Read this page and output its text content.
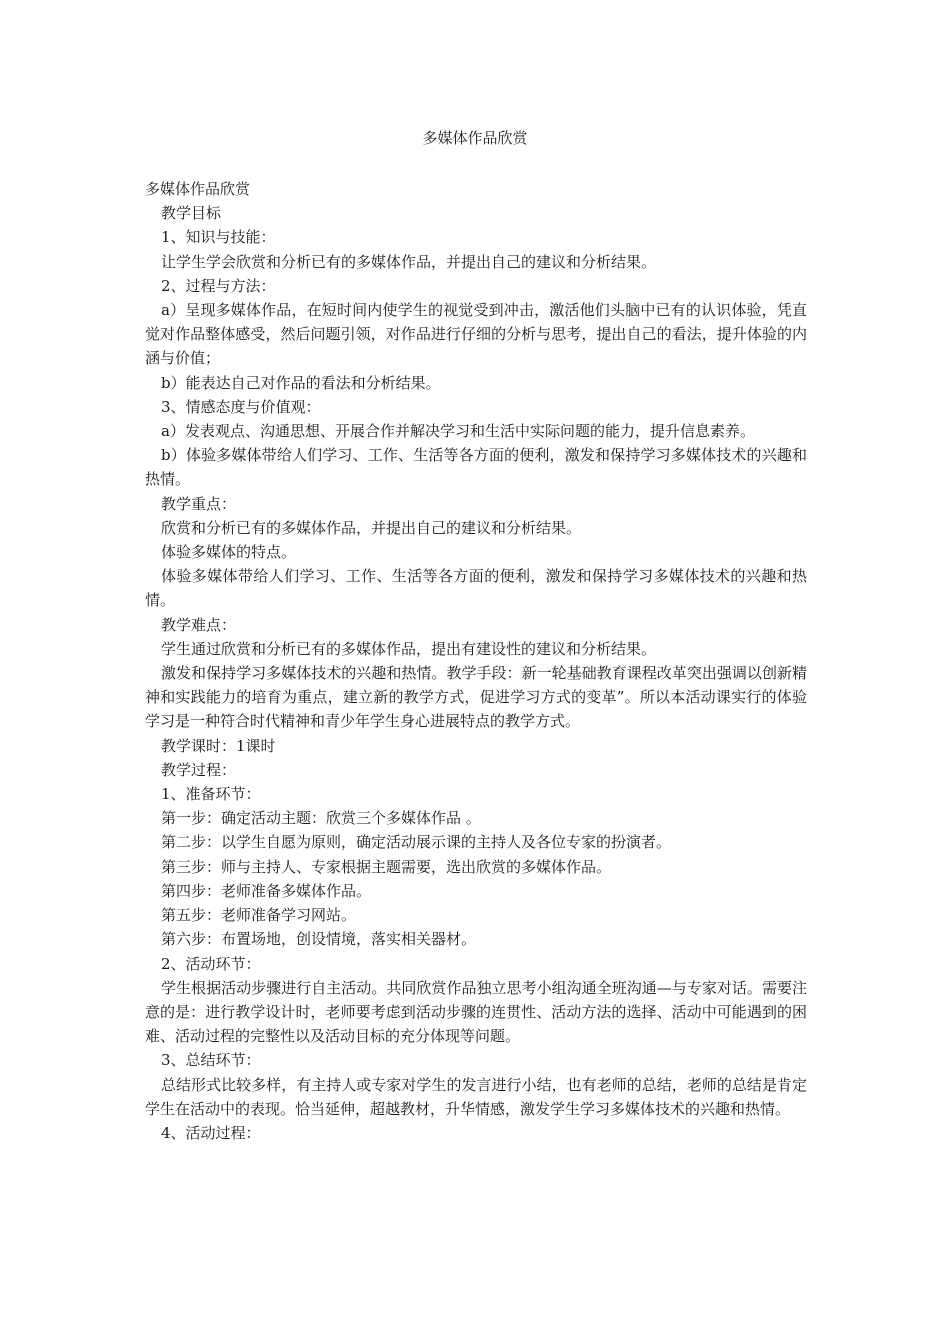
多媒体作品欣赏

多媒体作品欣赏

教学目标

1、知识与技能：

让学生学会欣赏和分析已有的多媒体作品，并提出自己的建议和分析结果。

2、过程与方法：

a）呈现多媒体作品，在短时间内使学生的视觉受到冲击，激活他们头脑中已有的认识体验，凭直觉对作品整体感受，然后问题引领，对作品进行仔细的分析与思考，提出自己的看法，提升体验的内涵与价值；

b）能表达自己对作品的看法和分析结果。

3、情感态度与价值观：

a）发表观点、沟通思想、开展合作并解决学习和生活中实际问题的能力，提升信息素养。

b）体验多媒体带给人们学习、工作、生活等各方面的便利，激发和保持学习多媒体技术的兴趣和热情。

教学重点：

欣赏和分析已有的多媒体作品，并提出自己的建议和分析结果。

体验多媒体的特点。

体验多媒体带给人们学习、工作、生活等各方面的便利，激发和保持学习多媒体技术的兴趣和热情。

教学难点：

学生通过欣赏和分析已有的多媒体作品，提出有建设性的建议和分析结果。

激发和保持学习多媒体技术的兴趣和热情。教学手段：新一轮基础教育课程改革突出强调以创新精神和实践能力的培育为重点，建立新的教学方式，促进学习方式的变革”。所以本活动课实行的体验学习是一种符合时代精神和青少年学生身心进展特点的教学方式。

教学课时：1课时

教学过程：

1、准备环节：

第一步：确定活动主题：欣赏三个多媒体作品 。

第二步：以学生自愿为原则，确定活动展示课的主持人及各位专家的扮演者。

第三步：师与主持人、专家根据主题需要，选出欣赏的多媒体作品。

第四步：老师准备多媒体作品。

第五步：老师准备学习网站。

第六步：布置场地，创设情境，落实相关器材。

2、活动环节：

学生根据活动步骤进行自主活动。共同欣赏作品独立思考小组沟通全班沟通—与专家对话。需要注意的是：进行教学设计时，老师要考虑到活动步骤的连贯性、活动方法的选择、活动中可能遇到的困难、活动过程的完整性以及活动目标的充分体现等问题。

3、总结环节：

总结形式比较多样，有主持人或专家对学生的发言进行小结，也有老师的总结，老师的总结是肯定学生在活动中的表现。恰当延伸，超越教材，升华情感，激发学生学习多媒体技术的兴趣和热情。

4、活动过程：
